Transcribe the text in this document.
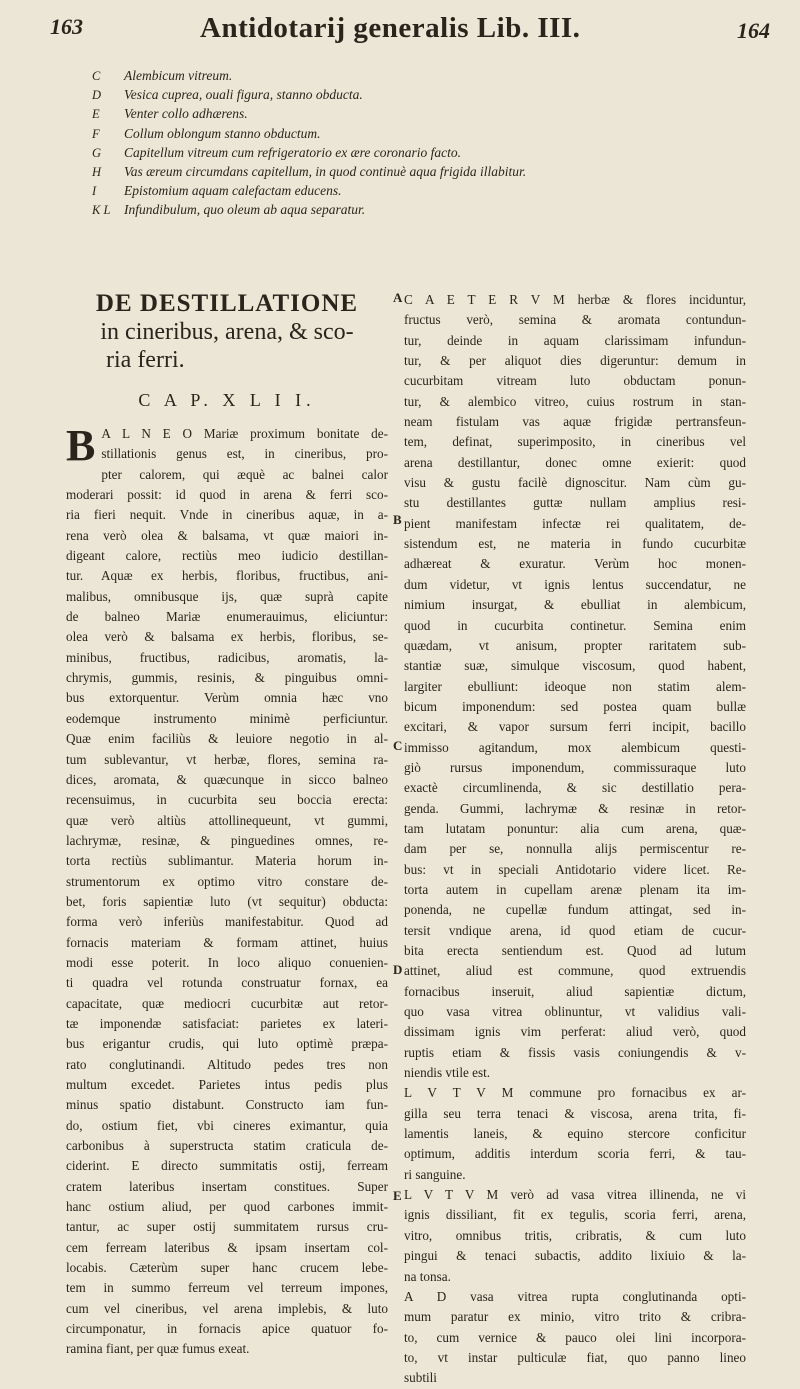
163	Antidotarij generalis Lib. III.	164
C Alembicum vitreum.
D Vesica cuprea, ouali figura, stanno obducta.
E Venter collo adhærens.
F Collum oblongum stanno obductum.
G Capitellum vitreum cum refrigeratorio ex ære coronario facto.
H Vas æreum circumdans capitellum, in quod continuè aqua frigida illabitur.
I Epistomium aquam calefactam educens.
K L Infundibulum, quo oleum ab aqua separatur.

DE DESTILLATIONE

in cineribus, arena, & sco-

ria ferri.

C A P. X L I I.

B A L N E O Mariæ proximum bonitate de-
stillationis genus est, in cineribus, pro-
pter calorem, qui æquè ac balnei calor
moderari possit: id quod in arena & ferri sco-
ria fieri nequit. Vnde in cineribus aquæ, in a-
rena verò olea & balsama, vt quæ maiori in-
digeant calore, rectiùs meo iudicio destillan-
tur. Aquæ ex herbis, floribus, fructibus, ani-
malibus, omnibusque ijs, quæ suprà capite
de balneo Mariæ enumerauimus, eliciuntur:
olea verò & balsama ex herbis, floribus, se-
minibus, fructibus, radicibus, aromatis, la-
chrymis, gummis, resinis, & pinguibus omni-
bus extorquentur. Verùm omnia hæc vno
eodemque instrumento minimè perficiuntur.
Quæ enim faciliùs & leuiore negotio in al-
tum sublevantur, vt herbæ, flores, semina ra-
dices, aromata, & quæcunque in sicco balneo
recensuimus, in cucurbita seu boccia erecta:
quæ verò altiùs attollinequeunt, vt gummi,
lachrymæ, resinæ, & pinguedines omnes, re-
torta rectiùs sublimantur. Materia horum in-
strumentorum ex optimo vitro constare de-
bet, foris sapientiæ luto (vt sequitur) obducta:
forma verò inferiùs manifestabitur. Quod ad
fornacis materiam & formam attinet, huius
modi esse poterit. In loco aliquo conuenien-
ti quadra vel rotunda construatur fornax, ea
capacitate, quæ mediocri cucurbitæ aut retor-
tæ imponendæ satisfaciat: parietes ex lateri-
bus erigantur crudis, qui luto optimè præpa-
rato conglutinandi. Altitudo pedes tres non
multum excedet. Parietes intus pedis plus
minus spatio distabunt. Constructo iam fun-
do, ostium fiet, vbi cineres eximantur, quia
carbonibus à superstructa statim craticula de-
ciderint. E directo summitatis ostij, ferream
cratem lateribus insertam constitues. Super
hanc ostium aliud, per quod carbones immit-
tantur, ac super ostij summitatem rursus cru-
cem ferream lateribus & ipsam insertam col-
locabis. Cæterùm super hanc crucem lebe-
tem in summo ferreum vel terreum impones,
cum vel cineribus, vel arena implebis, & luto
circumponatur, in fornacis apice quatuor fo-
ramina fiant, per quæ fumus exeat.
C A E T E R V M herbæ & flores inciduntur,
fructus verò, semina & aromata contundun-
tur, deinde in aquam clarissimam infundun-
tur, & per aliquot dies digeruntur: demum in
cucurbitam vitream luto obductam ponun-
tur, & alembico vitreo, cuius rostrum in stan-
neam fistulam vas aquæ frigidæ pertransfeun-
tem, definat, superimposito, in cineribus vel
arena destillantur, donec omne exierit: quod
visu & gustu facilè dignoscitur. Nam cùm gu-
stu destillantes guttæ nullam amplius resi-
pient manifestam infectæ rei qualitatem, de-
sistendum est, ne materia in fundo cucurbitæ
adhæreat & exuratur. Verùm hoc monen-
dum videtur, vt ignis lentus succendatur, ne
nimium insurgat, & ebulliat in alembicum,
quod in cucurbita continetur. Semina enim
quædam, vt anisum, propter raritatem sub-
stantiæ suæ, simulque viscosum, quod habent,
largiter ebulliunt: ideoque non statim alem-
bicum imponendum: sed postea quam bullæ
excitari, & vapor sursum ferri incipit, bacillo
immisso agitandum, mox alembicum questi-
giò rursus imponendum, commissuraque luto
exactè circumlinenda, & sic destillatio pera-
genda. Gummi, lachrymæ & resinæ in retor-
tam lutatam ponuntur: alia cum arena, quæ-
dam per se, nonnulla alijs permiscentur re-
bus: vt in speciali Antidotario videre licet. Re-
torta autem in cupellam arenæ plenam ita im-
ponenda, ne cupellæ fundum attingat, sed in-
tersit vndique arena, id quod etiam de cucur-
bita erecta sentiendum est. Quod ad lutum
attinet, aliud est commune, quod extruendis
fornacibus inseruit, aliud sapientiæ dictum,
quo vasa vitrea oblinuntur, vt validius vali-
dissimam ignis vim perferat: aliud verò, quod
ruptis etiam & fissis vasis coniungendis & v-
niendis vtile est.
L V T V M commune pro fornacibus ex ar-
gilla seu terra tenaci & viscosa, arena trita, fi-
lamentis laneis, & equino stercore conficitur
optimum, additis interdum scoria ferri, & tau-
ri sanguine.
L V T V M verò ad vasa vitrea illinenda, ne vi
ignis dissiliant, fit ex tegulis, scoria ferri, arena,
vitro, omnibus tritis, cribratis, & cum luto
pingui & tenaci subactis, addito lixiuio & la-
na tonsa.
A D vasa vitrea rupta conglutinanda opti-
mum paratur ex minio, vitro trito & cribra-
to, cum vernice & pauco olei lini incorpora-
to, vt instar pulticulæ fiat, quo panno lineo
subtili
A
B
C
D
E
